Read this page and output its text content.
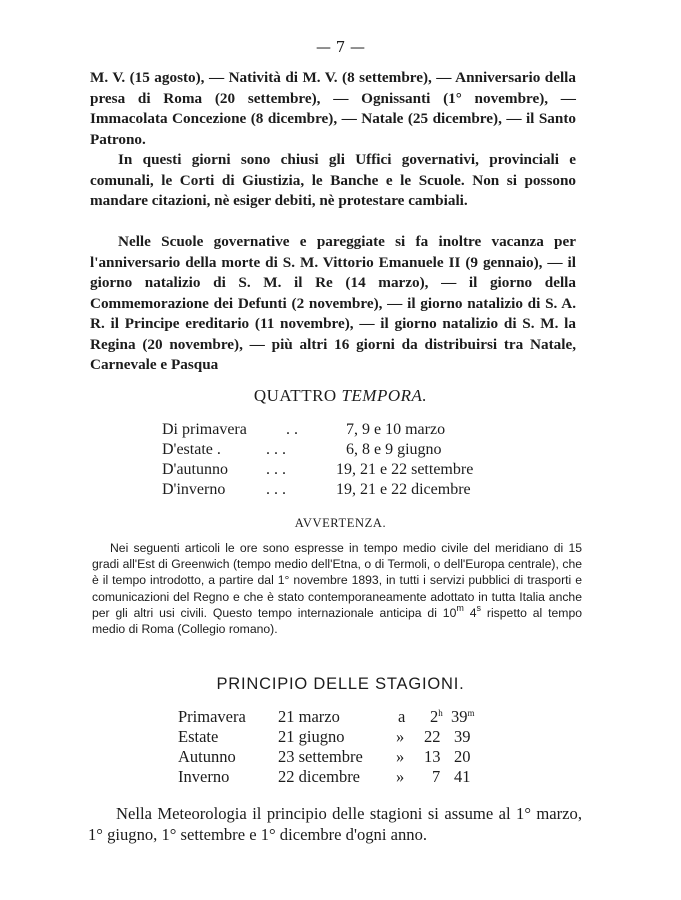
— 7 —

M. V. (15 agosto), — Natività di M. V. (8 settembre), — Anniversario della presa di Roma (20 settembre), — Ognissanti (1° novembre), — Immacolata Concezione (8 dicembre), — Natale (25 dicembre), — il Santo Patrono.

In questi giorni sono chiusi gli Uffici governativi, provinciali e comunali, le Corti di Giustizia, le Banche e le Scuole. Non si possono mandare citazioni, nè esiger debiti, nè protestare cambiali.

Nelle Scuole governative e pareggiate si fa inoltre vacanza per l'anniversario della morte di S. M. Vittorio Emanuele II (9 gennaio), — il giorno natalizio di S. M. il Re (14 marzo), — il giorno della Commemorazione dei Defunti (2 novembre), — il giorno natalizio di S. A. R. il Principe ereditario (11 novembre), — il giorno natalizio di S. M. la Regina (20 novembre), — più altri 16 giorni da distribuirsi tra Natale, Carnevale e Pasqua

QUATTRO TEMPORA.
Di primavera . .	7, 9 e 10 marzo
D'estate .	. . .	6, 8 e 9 giugno
D'autunno . . .	19, 21 e 22 settembre
D'inverno	. . .	19, 21 e 22 dicembre
AVVERTENZA.

Nei seguenti articoli le ore sono espresse in tempo medio civile del meridiano di 15 gradi all'Est di Greenwich (tempo medio dell'Etna, o di Termoli, o dell'Europa centrale), che è il tempo introdotto, a partire dal 1° novembre 1893, in tutti i servizi pubblici di trasporti e comunicazioni del Regno e che è stato contemporaneamente adottato in tutta Italia anche per gli altri usi civili. Questo tempo internazionale anticipa di 10$^m$ 4$^s$ rispetto al tempo medio di Roma (Collegio romano).

PRINCIPIO DELLE STAGIONI.
Primavera 21 marzo	a 2$^h$ 39$^m$
Estate	21 giugno	» 22 39
Autunno	23 settembre » 13 20
Inverno	22 dicembre » 7 41

Nella Meteorologia il principio delle stagioni si assume al 1° marzo, 1° giugno, 1° settembre e 1° dicembre d'ogni anno.
